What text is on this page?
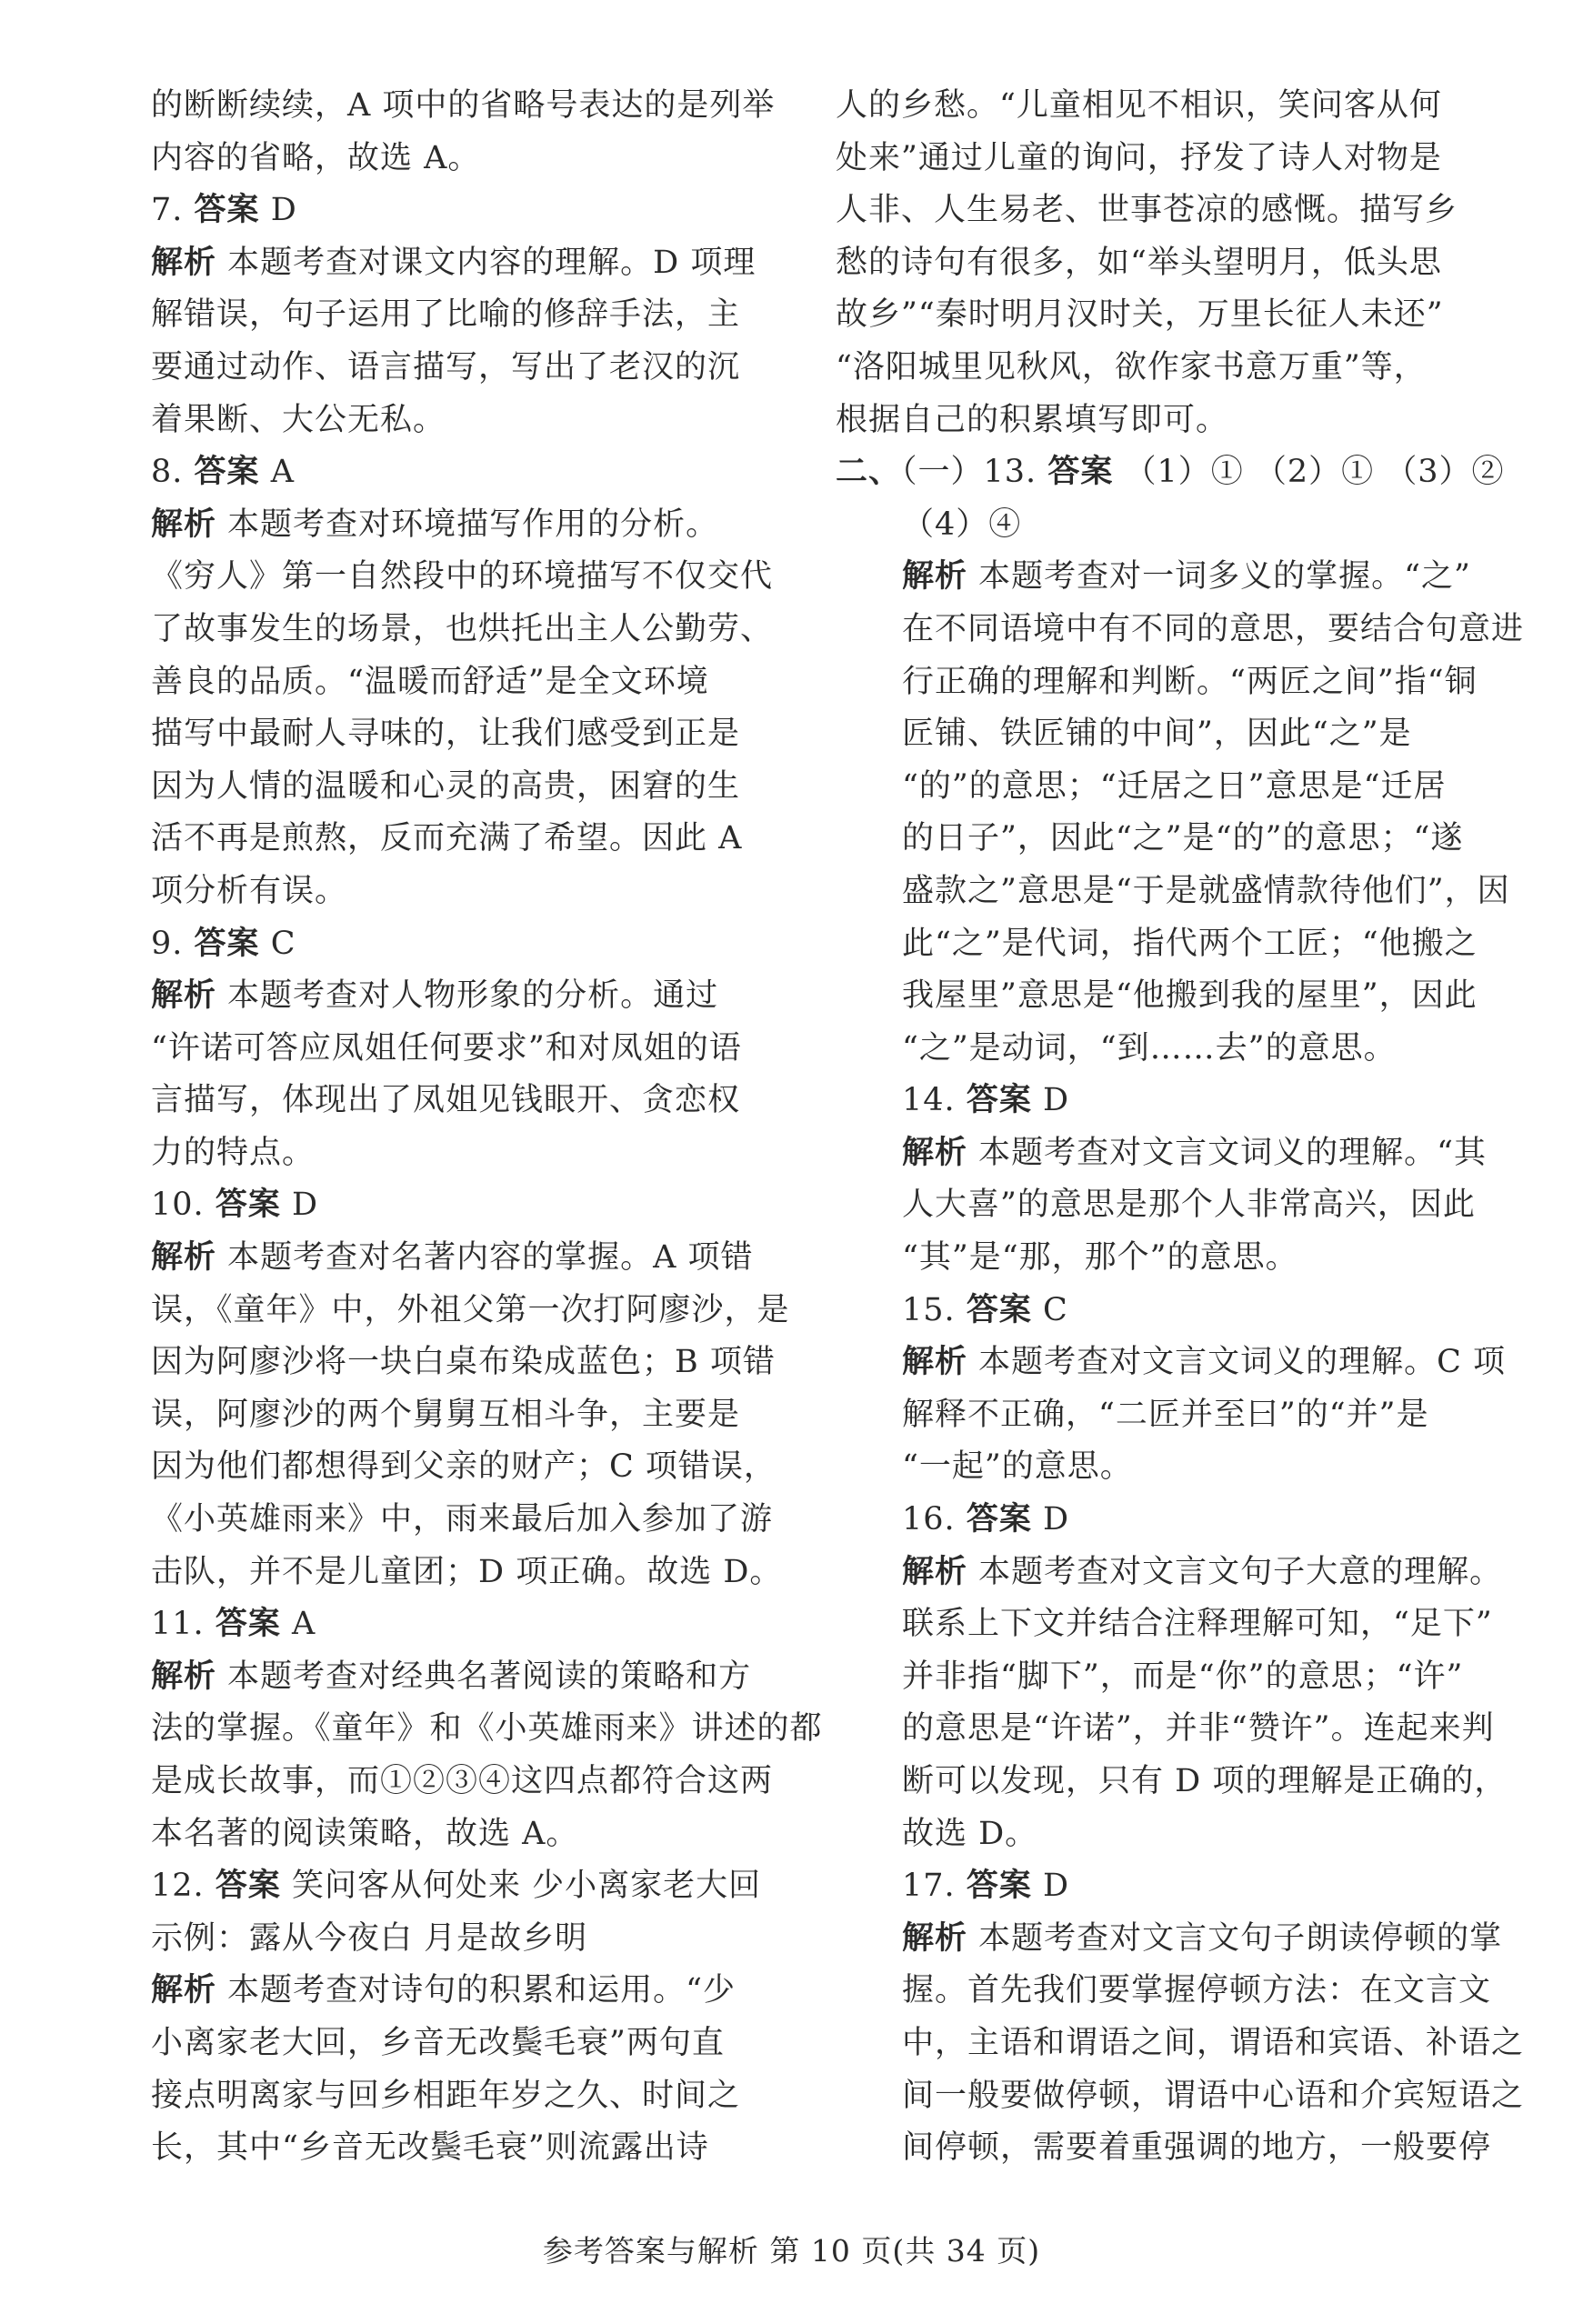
的断断续续，A 项中的省略号表达的是列举
内容的省略，故选 A。
7. 答案 D
解析 本题考查对课文内容的理解。D 项理
解错误，句子运用了比喻的修辞手法，主
要通过动作、语言描写，写出了老汉的沉
着果断、大公无私。
8. 答案 A
解析 本题考查对环境描写作用的分析。
《穷人》第一自然段中的环境描写不仅交代
了故事发生的场景，也烘托出主人公勤劳、
善良的品质。“温暖而舒适”是全文环境
描写中最耐人寻味的，让我们感受到正是
因为人情的温暖和心灵的高贵，困窘的生
活不再是煎熬，反而充满了希望。因此 A
项分析有误。
9. 答案 C
解析 本题考查对人物形象的分析。通过
“许诺可答应凤姐任何要求”和对凤姐的语
言描写，体现出了凤姐见钱眼开、贪恋权
力的特点。
10. 答案 D
解析 本题考查对名著内容的掌握。A 项错
误，《童年》中，外祖父第一次打阿廖沙，是
因为阿廖沙将一块白桌布染成蓝色；B 项错
误，阿廖沙的两个舅舅互相斗争，主要是
因为他们都想得到父亲的财产；C 项错误，
《小英雄雨来》中，雨来最后加入参加了游
击队，并不是儿童团；D 项正确。故选 D。
11. 答案 A
解析 本题考查对经典名著阅读的策略和方
法的掌握。《童年》和《小英雄雨来》讲述的都
是成长故事，而①②③④这四点都符合这两
本名著的阅读策略，故选 A。
12. 答案 笑问客从何处来 少小离家老大回
示例：露从今夜白 月是故乡明
解析 本题考查对诗句的积累和运用。“少
小离家老大回，乡音无改鬓毛衰”两句直
接点明离家与回乡相距年岁之久、时间之
长，其中“乡音无改鬓毛衰”则流露出诗
人的乡愁。“儿童相见不相识，笑问客从何
处来”通过儿童的询问，抒发了诗人对物是
人非、人生易老、世事苍凉的感慨。描写乡
愁的诗句有很多，如“举头望明月，低头思
故乡”“秦时明月汉时关，万里长征人未还”
“洛阳城里见秋风，欲作家书意万重”等，
根据自己的积累填写即可。
二、（一）13. 答案 （1）① （2）① （3）②
（4）④
解析 本题考查对一词多义的掌握。“之”
在不同语境中有不同的意思，要结合句意进
行正确的理解和判断。“两匠之间”指“铜
匠铺、铁匠铺的中间”，因此“之”是
“的”的意思；“迁居之日”意思是“迁居
的日子”，因此“之”是“的”的意思；“遂
盛款之”意思是“于是就盛情款待他们”，因
此“之”是代词，指代两个工匠；“他搬之
我屋里”意思是“他搬到我的屋里”，因此
“之”是动词，“到……去”的意思。
14. 答案 D
解析 本题考查对文言文词义的理解。“其
人大喜”的意思是那个人非常高兴，因此
“其”是“那，那个”的意思。
15. 答案 C
解析 本题考查对文言文词义的理解。C 项
解释不正确，“二匠并至曰”的“并”是
“一起”的意思。
16. 答案 D
解析 本题考查对文言文句子大意的理解。
联系上下文并结合注释理解可知，“足下”
并非指“脚下”，而是“你”的意思；“许”
的意思是“许诺”，并非“赞许”。连起来判
断可以发现，只有 D 项的理解是正确的，
故选 D。
17. 答案 D
解析 本题考查对文言文句子朗读停顿的掌
握。首先我们要掌握停顿方法：在文言文
中，主语和谓语之间，谓语和宾语、补语之
间一般要做停顿，谓语中心语和介宾短语之
间停顿，需要着重强调的地方，一般要停
参考答案与解析 第 10 页(共 34 页)
